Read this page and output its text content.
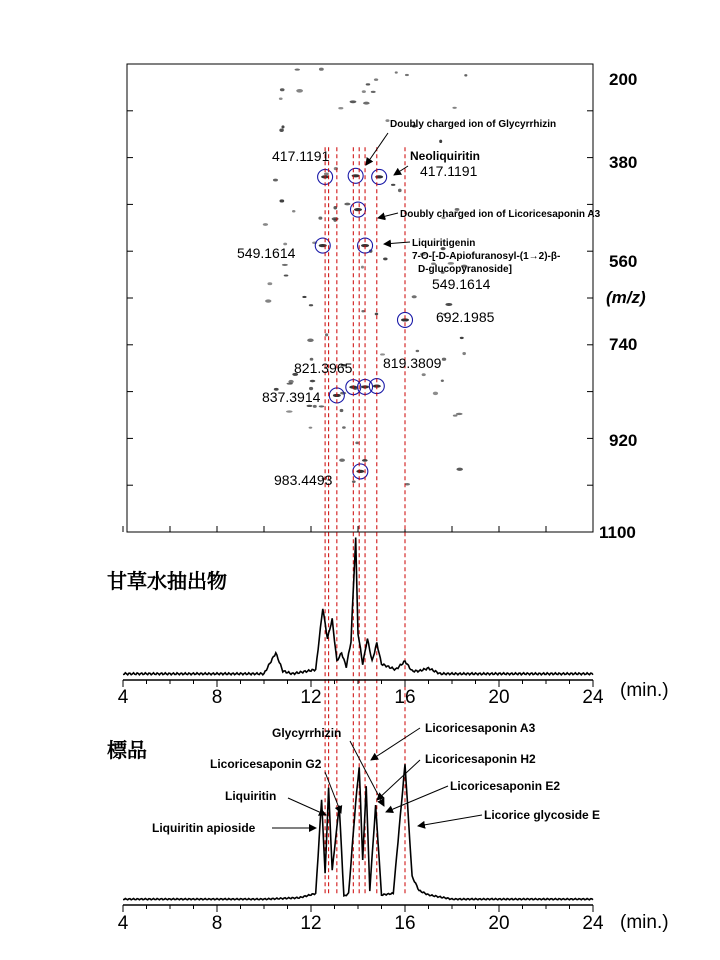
200
380
560
740
920
1100
(m/z)
417.1191
417.1191
549.1614
549.1614
692.1985
821.3965 819.3809
837.3914
983.4493
Doubly charged ion of Glycyrrhizin
Neoliquiritin
Doubly charged ion of Licoricesaponin A3
Liquiritigenin
7-O-[-D-Apiofuranosyl-(1→2)-β-
D-glucopyranoside]
甘草水抽出物
4	8	12	16	20	24 (min.)
標品
4	8	12	16	20	24 (min.)
Liquiritin apioside
Liquiritin
Licoricesaponin G2
Glycyrrhizin	Licoricesaponin A3
Licoricesaponin H2
Licoricesaponin E2
Licorice glycoside E
